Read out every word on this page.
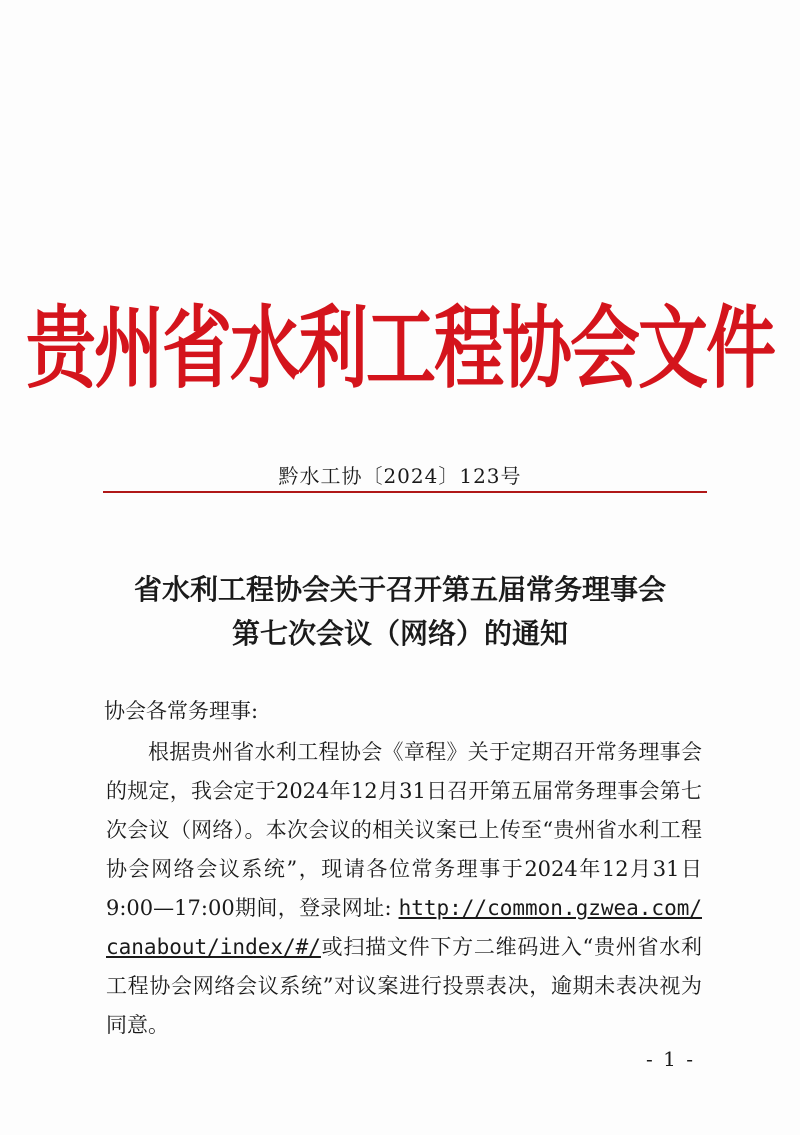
贵州省水利工程协会文件
黔水工协〔2024〕123号
省水利工程协会关于召开第五届常务理事会
第七次会议（网络）的通知
协会各常务理事:

根据贵州省水利工程协会《章程》关于定期召开常务理事会的规定，我会定于2024年12月31日召开第五届常务理事会第七次会议（网络）。本次会议的相关议案已上传至“贵州省水利工程协会网络会议系统”，现请各位常务理事于2024年12月31日9:00—17:00期间，登录网址: http://common.gzwea.com/canabout/index/#/或扫描文件下方二维码进入“贵州省水利工程协会网络会议系统”对议案进行投票表决，逾期未表决视为同意。

- 1 -
